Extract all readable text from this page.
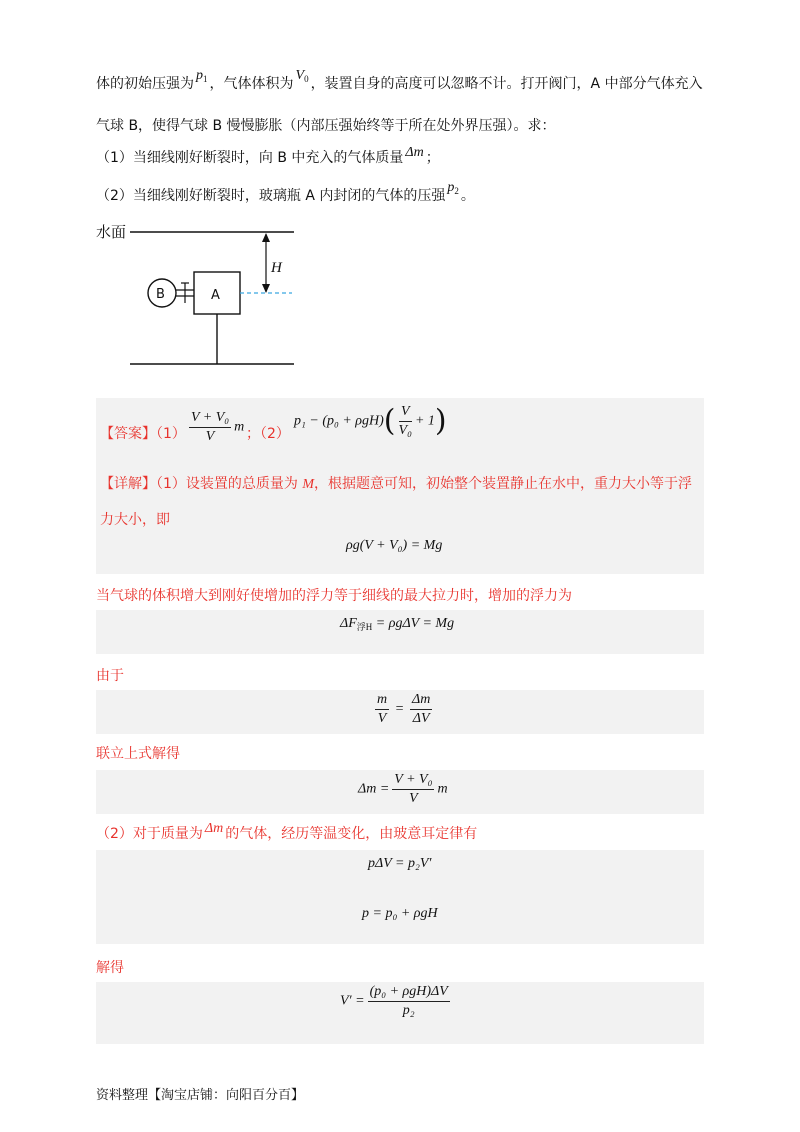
体的初始压强为$p_1$ ，气体体积为$V_0$ ，装置自身的高度可以忽略不计。打开阀门，A 中部分气体充入
气球 B，使得气球 B 慢慢膨胀（内部压强始终等于所在处外界压强）。求：
（1）当细线刚好断裂时，向 B 中充入的气体质量 Δm ；
（2）当细线刚好断裂时，玻璃瓶 A 内封闭的气体的压强$p_2$ 。
水面
H
A
B
【答案】$(1) \frac{\text{V + V₀}}{V}$ m ；（2）
$p_1 - (p_0 + \rho gH)( \frac{V}{\text{V₀}} + 1)$
【详解】（1）设装置的总质量为 M，根据题意可知，初始整个装置静止在水中，重力大小等于浮
力大小，即
ρg(V + V₀) = Mg
当气球的体积增大到刚好使增加的浮力等于细线的最大拉力时，增加的浮力为
$\Delta F_{浮H} = \rho g\Delta V = Mg$
由于
$\frac{m}{V} = \frac{\Delta m}{\Delta V}$
联立上式解得
$\Delta m = \frac{\text{V + V₀}}{V}$ m
（2）对于质量为 Δm 的气体，经历等温变化，由玻意耳定律有
pΔV = p₂V′
p = p₀ + ρgH
解得
$V' = \frac{\text{(p₀ + ρgH)ΔV}}{\text{p₂}}$
资料整理【淘宝店铺：向阳百分百】
